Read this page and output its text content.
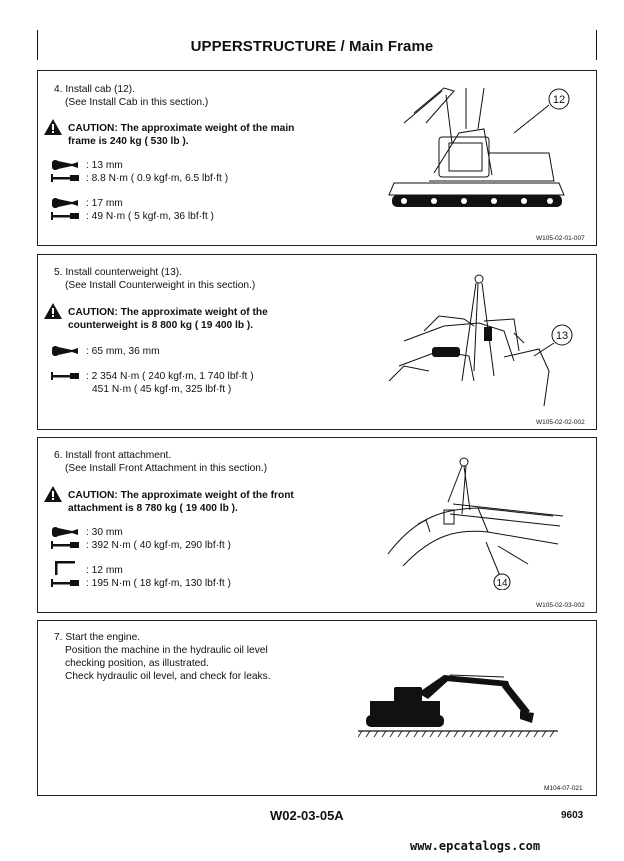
UPPERSTRUCTURE / Main Frame
4. Install cab (12).
(See Install Cab in this section.)
CAUTION: The approximate weight of the main
frame is 240 kg ( 530 lb ).
: 13 mm
: 8.8 N·m ( 0.9 kgf·m, 6.5 lbf·ft )
: 17 mm
: 49 N·m ( 5 kgf·m, 36 lbf·ft )
12
W105-02-01-007
5. Install counterweight (13).
(See Install Counterweight in this section.)
CAUTION: The approximate weight of the
counterweight is 8 800 kg ( 19 400 lb ).
: 65 mm, 36 mm
: 2 354 N·m ( 240 kgf·m, 1 740 lbf·ft )
451 N·m ( 45 kgf·m, 325 lbf·ft )
13
W105-02-02-002
6. Install front attachment.
(See Install Front Attachment in this section.)
CAUTION: The approximate weight of the front
attachment is 8 780 kg ( 19 400 lb ).
: 30 mm
: 392 N·m ( 40 kgf·m, 290 lbf·ft )
: 12 mm
: 195 N·m ( 18 kgf·m, 130 lbf·ft )	14
W105-02-03-002
7. Start the engine.
Position the machine in the hydraulic oil level
checking position, as illustrated.
Check hydraulic oil level, and check for leaks.
M104-07-021
W02-03-05A	9603
www.epcatalogs.com
